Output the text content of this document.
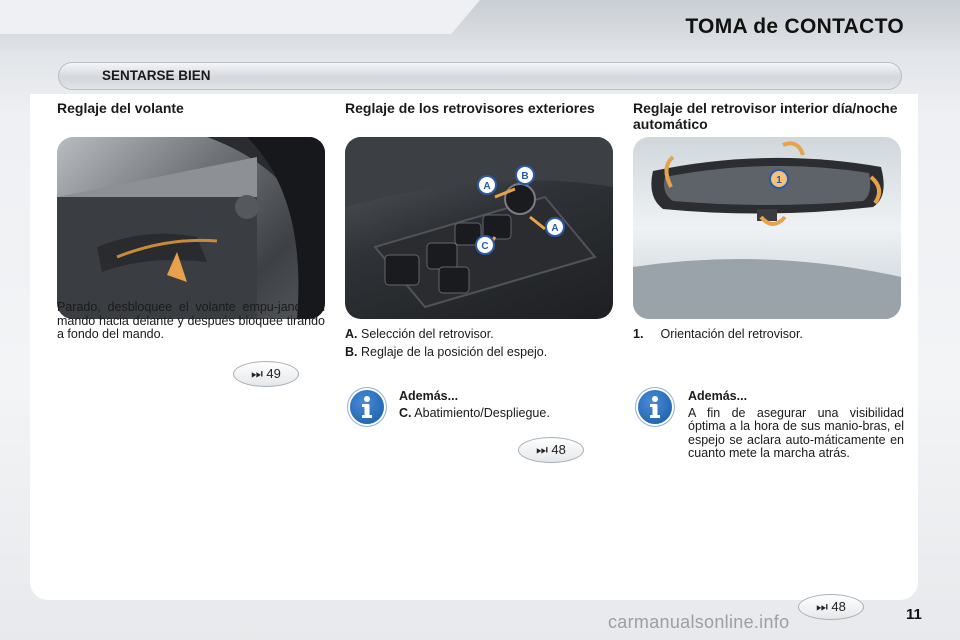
TOMA de CONTACTO
SENTARSE BIEN
Reglaje del volante	Reglaje de los retrovisores exteriores	Reglaje del retrovisor interior día/noche automático
A
B
A
C
1
Parado, desbloquee el volante empu-jando el mando hacia delante y después bloquee tirando a fondo del mando.
⏭ 49
A. Selección del retrovisor.
B. Reglaje de la posición del espejo.
Además...
C. Abatimiento/Despliegue.
⏭ 48
1. Orientación del retrovisor.
Además...
A fin de asegurar una visibilidad óptima a la hora de sus manio-bras, el espejo se aclara auto-máticamente en cuanto mete la marcha atrás.
carmanualsonline.info
⏭ 48	11
